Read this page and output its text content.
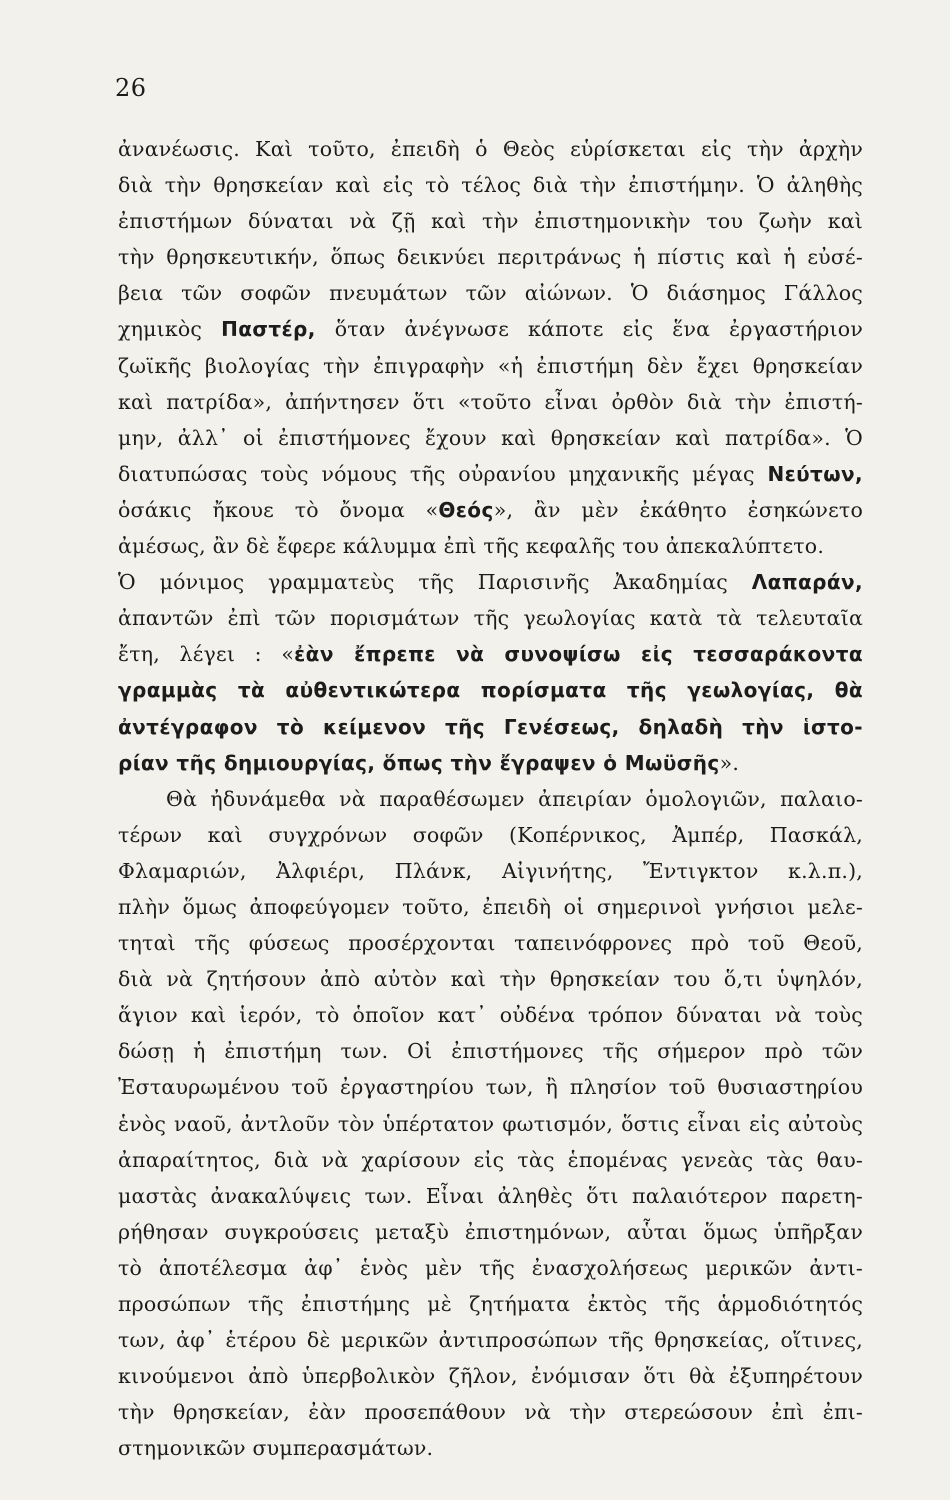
26
ἀνανέωσις. Καὶ τοῦτο, ἐπειδὴ ὁ Θεὸς εὑρίσκεται εἰς τὴν ἀρχὴν
διὰ τὴν θρησκείαν καὶ εἰς τὸ τέλος διὰ τὴν ἐπιστήμην. Ὁ ἀληθὴς
ἐπιστήμων δύναται νὰ ζῇ καὶ τὴν ἐπιστημονικὴν του ζωὴν καὶ
τὴν θρησκευτικήν, ὅπως δεικνύει περιτράνως ἡ πίστις καὶ ἡ εὐσέ-
βεια τῶν σοφῶν πνευμάτων τῶν αἰώνων. Ὁ διάσημος Γάλλος
χημικὸς Παστέρ, ὅταν ἀνέγνωσε κάποτε εἰς ἕνα ἐργαστήριον
ζωϊκῆς βιολογίας τὴν ἐπιγραφὴν «ἡ ἐπιστήμη δὲν ἔχει θρησκείαν
καὶ πατρίδα», ἀπήντησεν ὅτι «τοῦτο εἶναι ὀρθὸν διὰ τὴν ἐπιστή-
μην, ἀλλ᾽ οἱ ἐπιστήμονες ἔχουν καὶ θρησκείαν καὶ πατρίδα». Ὁ
διατυπώσας τοὺς νόμους τῆς οὐρανίου μηχανικῆς μέγας Νεύτων,
ὁσάκις ἤκουε τὸ ὄνομα «Θεός», ἂν μὲν ἐκάθητο ἐσηκώνετο
ἀμέσως, ἂν δὲ ἔφερε κάλυμμα ἐπὶ τῆς κεφαλῆς του ἀπεκαλύπτετο.
Ὁ μόνιμος γραμματεὺς τῆς Παρισινῆς Ἀκαδημίας Λαπαράν,
ἀπαντῶν ἐπὶ τῶν πορισμάτων τῆς γεωλογίας κατὰ τὰ τελευταῖα
ἔτη, λέγει : «ἐὰν ἔπρεπε νὰ συνοψίσω εἰς τεσσαράκοντα
γραμμὰς τὰ αὐθεντικώτερα πορίσματα τῆς γεωλογίας, θὰ
ἀντέγραφον τὸ κείμενον τῆς Γενέσεως, δηλαδὴ τὴν ἱστο-
ρίαν τῆς δημιουργίας, ὅπως τὴν ἔγραψεν ὁ Μωϋσῆς».
Θὰ ἠδυνάμεθα νὰ παραθέσωμεν ἀπειρίαν ὁμολογιῶν, παλαιο-
τέρων καὶ συγχρόνων σοφῶν (Κοπέρνικος, Ἀμπέρ, Πασκάλ,
Φλαμαριών, Ἀλφιέρι, Πλάνκ, Αἰγινήτης, Ἔντιγκτον κ.λ.π.),
πλὴν ὅμως ἀποφεύγομεν τοῦτο, ἐπειδὴ οἱ σημερινοὶ γνήσιοι μελε-
τηταὶ τῆς φύσεως προσέρχονται ταπεινόφρονες πρὸ τοῦ Θεοῦ,
διὰ νὰ ζητήσουν ἀπὸ αὐτὸν καὶ τὴν θρησκείαν του ὅ,τι ὑψηλόν,
ἅγιον καὶ ἱερόν, τὸ ὁποῖον κατ᾽ οὐδένα τρόπον δύναται νὰ τοὺς
δώσῃ ἡ ἐπιστήμη των. Οἱ ἐπιστήμονες τῆς σήμερον πρὸ τῶν
Ἐσταυρωμένου τοῦ ἐργαστηρίου των, ἢ πλησίον τοῦ θυσιαστηρίου
ἑνὸς ναοῦ, ἀντλοῦν τὸν ὑπέρτατον φωτισμόν, ὅστις εἶναι εἰς αὐτοὺς
ἀπαραίτητος, διὰ νὰ χαρίσουν εἰς τὰς ἑπομένας γενεὰς τὰς θαυ-
μαστὰς ἀνακαλύψεις των. Εἶναι ἀληθὲς ὅτι παλαιότερον παρετη-
ρήθησαν συγκρούσεις μεταξὺ ἐπιστημόνων, αὗται ὅμως ὑπῆρξαν
τὸ ἀποτέλεσμα ἀφ᾽ ἑνὸς μὲν τῆς ἐνασχολήσεως μερικῶν ἀντι-
προσώπων τῆς ἐπιστήμης μὲ ζητήματα ἐκτὸς τῆς ἁρμοδιότητός
των, ἀφ᾽ ἑτέρου δὲ μερικῶν ἀντιπροσώπων τῆς θρησκείας, οἵτινες,
κινούμενοι ἀπὸ ὑπερβολικὸν ζῆλον, ἐνόμισαν ὅτι θὰ ἐξυπηρέτουν
τὴν θρησκείαν, ἐὰν προσεπάθουν νὰ τὴν στερεώσουν ἐπὶ ἐπι-
στημονικῶν συμπερασμάτων.
